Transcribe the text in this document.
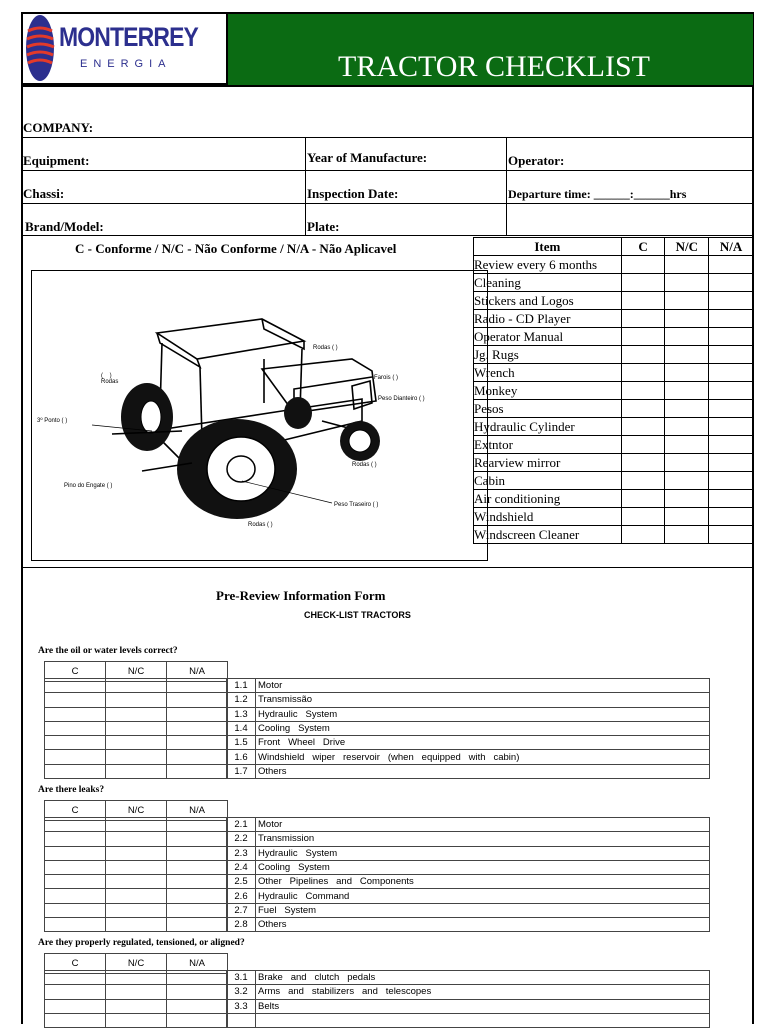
MONTERREY
ENERGIA	TRACTOR CHECKLIST
COMPANY:
Equipment:	Year of Manufacture:	Operator:
Chassi:	Inspection Date:	Departure time: ______:______hrs
Brand/Model:	Plate:
C - Conforme / N/C - Não Conforme / N/A - Não Aplicavel
Rodas ( )
Farois ( )
(    )
Rodas
Peso Dianteiro ( )
3º Ponto ( )
Rodas ( )
Pino do Engate ( )
Peso Traseiro ( )
Rodas ( )
Item	C	N/C	N/A
Review every 6 months			
Cleaning			
Stickers and Logos			
Radio - CD Player			
Operator Manual			
Jg. Rugs			
Wrench			
Monkey			
Pesos			
Hydraulic Cylinder			
Extntor			
Rearview mirror			
Cabin			
Air conditioning			
Windshield			
Windscreen Cleaner			
Pre-Review Information Form
CHECK-LIST TRACTORS
Are the oil or water levels correct?
C	N/C	N/A

1.1	Motor
1.2	Transmissão
1.3	Hydraulic   System
1.4	Cooling   System
1.5	Front   Wheel   Drive
1.6	Windshield   wiper   reservoir   (when   equipped   with   cabin)
1.7	Others
Are there leaks?
C	N/C	N/A

2.1	Motor
2.2	Transmission
2.3	Hydraulic   System
2.4	Cooling   System
2.5	Other   Pipelines   and   Components
2.6	Hydraulic   Command
2.7	Fuel   System
2.8	Others
Are they properly regulated, tensioned, or aligned?
C	N/C	N/A

3.1	Brake   and   clutch   pedals
3.2	Arms   and   stabilizers   and   telescopes
3.3	Belts
